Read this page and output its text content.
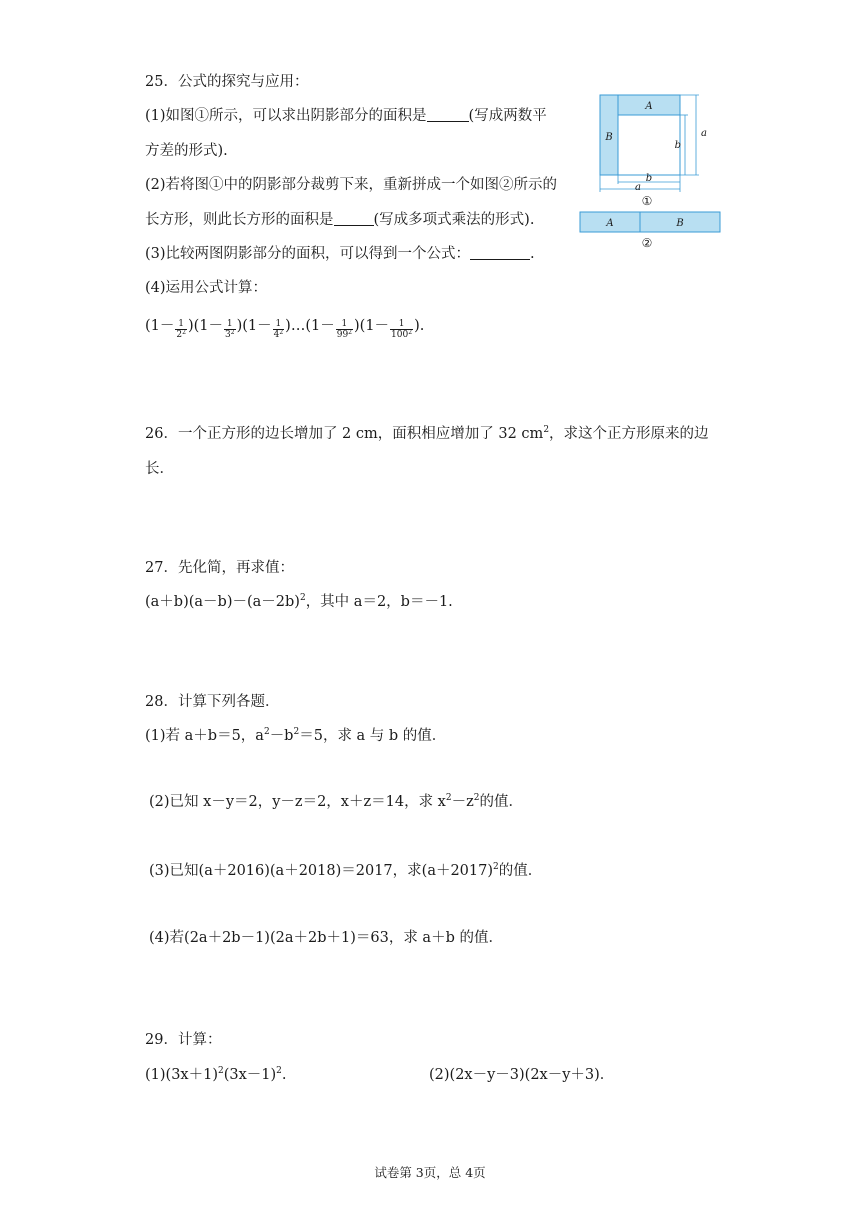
25．公式的探究与应用：
(1)如图①所示，可以求出阴影部分的面积是	(写成两数平
方差的形式).
(2)若将图①中的阴影部分裁剪下来，重新拼成一个如图②所示的
长方形，则此长方形的面积是	(写成多项式乘法的形式).
(3)比较两图阴影部分的面积，可以得到一个公式：	.
(4)运用公式计算：
$(1- \frac{1}{2^2} )(1- \frac{1}{3^2} )(1- \frac{1}{4^2}$ )…(1－ $\frac{1}{99^2} )(1- \frac{1}{100^2}$ ).
A
B	a
b
b
a
①
A	B
②
26．一个正方形的边长增加了 2 cm，面积相应增加了 32 $cm^2$，求这个正方形原来的边
长．
27．先化简，再求值：
$(a+b)(a-b)-(a-2b)^2$，其中 a＝2，b＝－1.
28．计算下列各题．
(1)若 a＋b＝5，$a^2-b^2=5$，求 a 与 b 的值．
(2)已知 x－y＝2，y－z＝2，x＋z＝14，求 $x^2-z^2$的值．
(3)已知(a＋2016)(a＋2018)＝2017，求$(a+2017)^2$的值．
(4)若(2a＋2b－1)(2a＋2b＋1)＝63，求 a＋b 的值．
29．计算：
$(1)(3x+1)^2(3x-1)^2$.	(2)(2x－y－3)(2x－y＋3)．
试卷第 3页，总 4页
